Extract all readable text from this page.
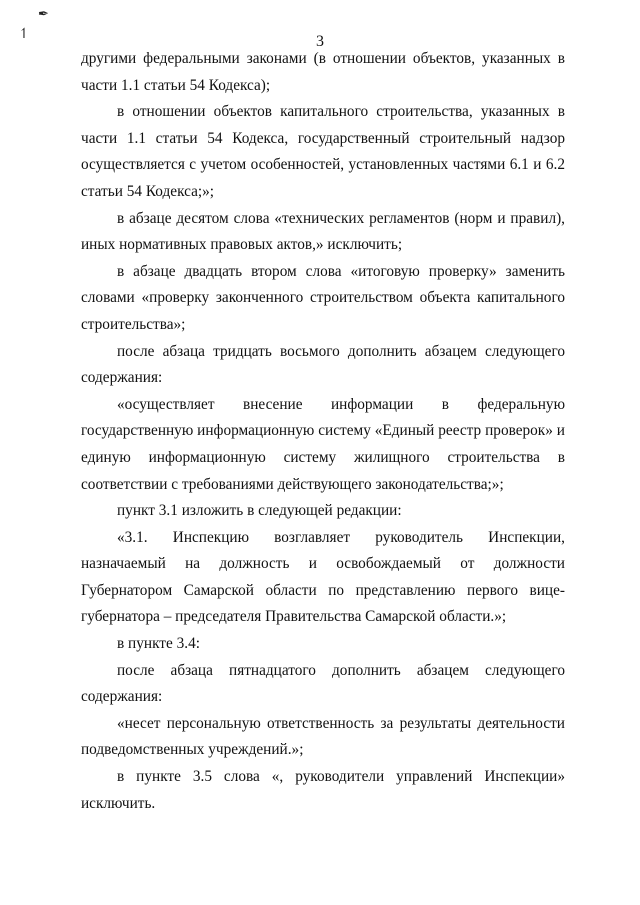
✒
↿	3

другими федеральными законами (в отношении объектов, указанных в части 1.1 статьи 54 Кодекса);

в отношении объектов капитального строительства, указанных в части 1.1 статьи 54 Кодекса, государственный строительный надзор осуществляется с учетом особенностей, установленных частями 6.1 и 6.2 статьи 54 Кодекса;»;

в абзаце десятом слова «технических регламентов (норм и правил), иных нормативных правовых актов,» исключить;

в абзаце двадцать втором слова «итоговую проверку» заменить словами «проверку законченного строительством объекта капитального строительства»;

после абзаца тридцать восьмого дополнить абзацем следующего содержания:

«осуществляет внесение информации в федеральную государственную информационную систему «Единый реестр проверок» и единую информационную систему жилищного строительства в соответствии с требованиями действующего законодательства;»;

пункт 3.1 изложить в следующей редакции:

«3.1. Инспекцию возглавляет руководитель Инспекции, назначаемый на должность и освобождаемый от должности Губернатором Самарской области по представлению первого вице-губернатора – председателя Правительства Самарской области.»;

в пункте 3.4:

после абзаца пятнадцатого дополнить абзацем следующего содержания:

«несет персональную ответственность за результаты деятельности подведомственных учреждений.»;

в пункте 3.5 слова «, руководители управлений Инспекции» исключить.
